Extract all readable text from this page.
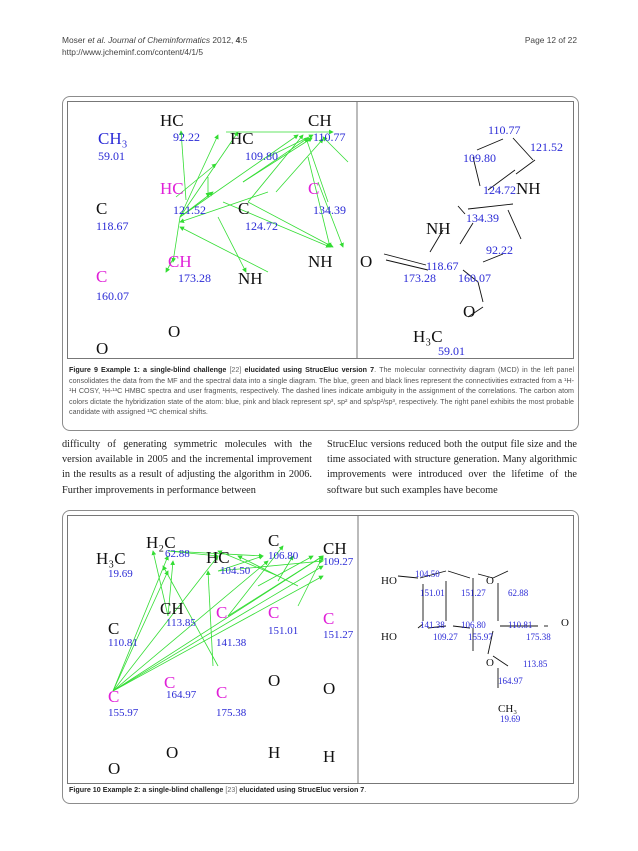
Moser et al. Journal of Cheminformatics 2012, 4:5
http://www.jcheminf.com/content/4/1/5
Page 12 of 22
CH₃
59.01
HC
92.22 HC
109.80
CH
110.77
HC
121.52
C
118.67
C
124.72
C
134.39
CH
173.28
C
160.07
NH
NH
O
O
110.77
121.52
109.80
124.72 NH
134.39
NH
92.22
O	118.67
173.28 160.07
O
H₃C
59.01
Figure 9 Example 1: a single-blind challenge [22] elucidated using StrucEluc version 7. The molecular connectivity diagram (MCD) in the left panel consolidates the data from the MF and the spectral data into a single diagram. The blue, green and black lines represent the connectivities extracted from a ¹H-¹H COSY, ¹H-¹³C HMBC spectra and user fragments, respectively. The dashed lines indicate ambiguity in the assignment of the correlations. The carbon atom colors dictate the hybridization state of the atom: blue, pink and black represent sp³, sp² and sp/sp²/sp³, respectively. The right panel exhibits the most probable candidate with assigned ¹³C chemical shifts.
difficulty of generating symmetric molecules with the version available in 2005 and the incremental improvement in the results as a result of adjusting the algorithm in 2006. Further improvements in performance between
StrucEluc versions reduced both the output file size and the time associated with structure generation. Many algorithmic improvements were introduced over the lifetime of the software but such examples have become
H₂C
62.88
H₃C
19.69
HC
104.50
C
106.80 CH
109.27
CH
113.85
C
110.81
C
141.38
C
151.01
C
151.27
C
164.97
C
155.97
C
175.38
O	O
O
O
H	H
HO
104.50
O
151.01 151.27 62.88
141.38 106.80 110.81	O
HO	109.27 155.97	175.38
O	113.85
164.97
CH₃
19.69
Figure 10 Example 2: a single-blind challenge [23] elucidated using StrucEluc version 7.
